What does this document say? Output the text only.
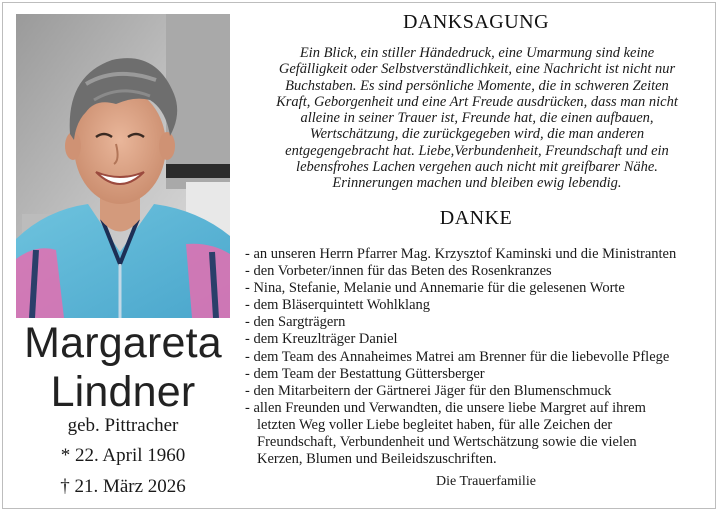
Margareta
Lindner
geb. Pittracher
* 22. April 1960
† 21. März 2026
DANKSAGUNG
Ein Blick, ein stiller Händedruck, eine Umarmung sind keine
Gefälligkeit oder Selbstverständlichkeit, eine Nachricht ist nicht nur
Buchstaben. Es sind persönliche Momente, die in schweren Zeiten
Kraft, Geborgenheit und eine Art Freude ausdrücken, dass man nicht
alleine in seiner Trauer ist, Freunde hat, die einen aufbauen,
Wertschätzung, die zurückgegeben wird, die man anderen
entgegengebracht hat. Liebe,Verbundenheit, Freundschaft und ein
lebensfrohes Lachen vergehen auch nicht mit greifbarer Nähe.
Erinnerungen machen und bleiben ewig lebendig.
DANKE
- an unseren Herrn Pfarrer Mag. Krzysztof Kaminski und die Ministranten
- den Vorbeter/innen für das Beten des Rosenkranzes
- Nina, Stefanie, Melanie und Annemarie für die gelesenen Worte
- dem Bläserquintett Wohlklang
- den Sargträgern
- dem Kreuzlträger Daniel
- dem Team des Annaheimes Matrei am Brenner für die liebevolle Pflege
- dem Team der Bestattung Güttersberger
- den Mitarbeitern der Gärtnerei Jäger für den Blumenschmuck
- allen Freunden und Verwandten, die unsere liebe Margret auf ihrem
letzten Weg voller Liebe begleitet haben, für alle Zeichen der
Freundschaft, Verbundenheit und Wertschätzung sowie die vielen
Kerzen, Blumen und Beileidszuschriften.
Die Trauerfamilie
